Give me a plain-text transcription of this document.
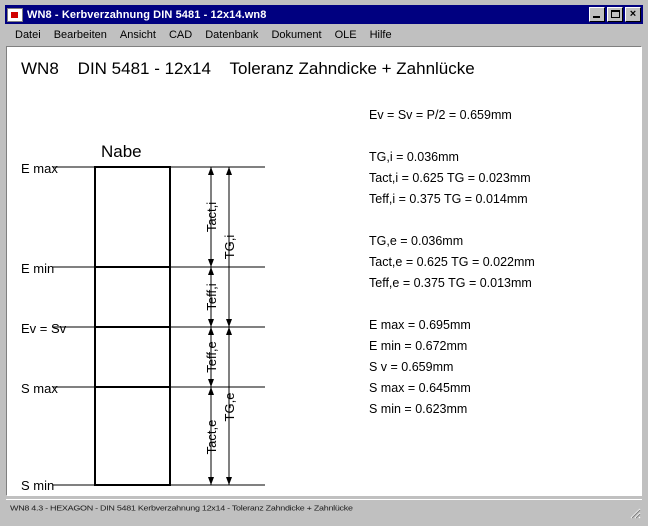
WN8 - Kerbverzahnung DIN 5481 - 12x14.wn8	×
Datei	Bearbeiten	Ansicht	CAD	Datenbank	Dokument	OLE	Hilfe
WN8    DIN 5481 - 12x14    Toleranz Zahndicke + Zahnlücke
Nabe
E max
E min
Ev = Sv
S max
S min
Tact,i
Teff,i
Teff,e
Tact,e
TG,i
TG,e
Ev = Sv = P/2 = 0.659mm
TG,i = 0.036mm
Tact,i = 0.625 TG = 0.023mm
Teff,i = 0.375 TG = 0.014mm
TG,e = 0.036mm
Tact,e = 0.625 TG = 0.022mm
Teff,e = 0.375 TG = 0.013mm
E max = 0.695mm
E min = 0.672mm
S v = 0.659mm
S max = 0.645mm
S min = 0.623mm
WN8 4.3 - HEXAGON - DIN 5481 Kerbverzahnung 12x14 - Toleranz Zahndicke + Zahnlücke
